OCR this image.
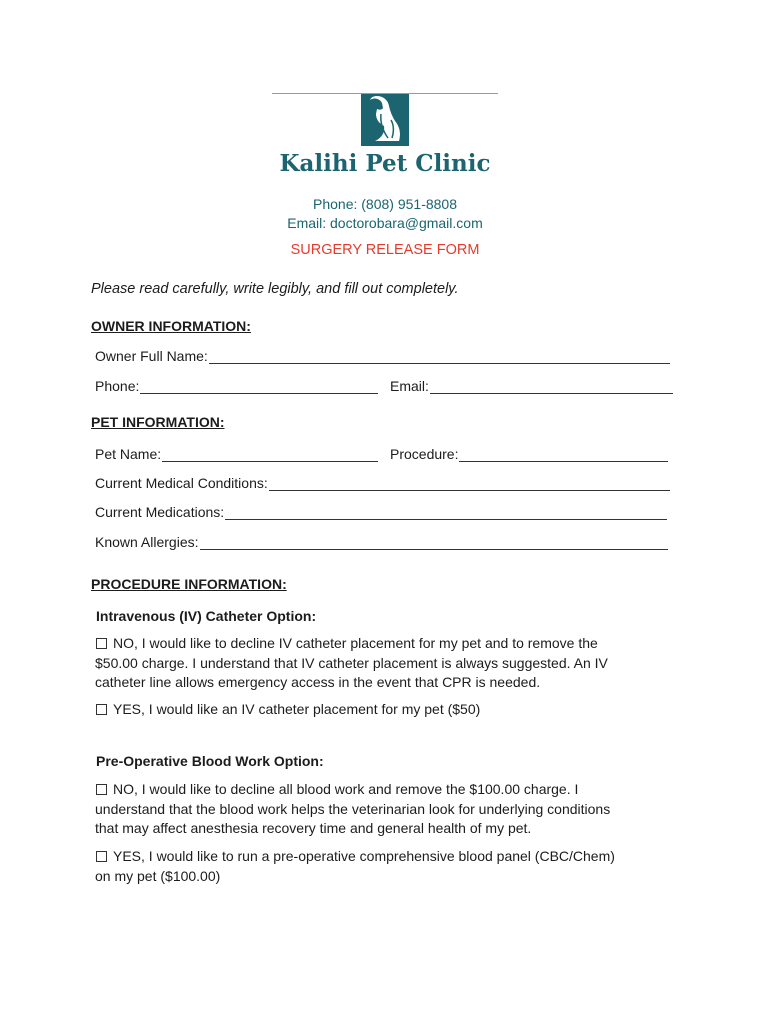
Kalihi Pet Clinic
Phone: (808) 951-8808
Email: doctorobara@gmail.com
SURGERY RELEASE FORM
Please read carefully, write legibly, and fill out completely.
OWNER INFORMATION:
Owner Full Name:
Phone:	Email:
PET INFORMATION:
Pet Name:	Procedure:
Current Medical Conditions:
Current Medications:
Known Allergies:
PROCEDURE INFORMATION:
Intravenous (IV) Catheter Option:
NO, I would like to decline IV catheter placement for my pet and to remove the
$50.00 charge. I understand that IV catheter placement is always suggested. An IV
catheter line allows emergency access in the event that CPR is needed.
YES, I would like an IV catheter placement for my pet ($50)
Pre-Operative Blood Work Option:
NO, I would like to decline all blood work and remove the $100.00 charge. I
understand that the blood work helps the veterinarian look for underlying conditions
that may affect anesthesia recovery time and general health of my pet.
YES, I would like to run a pre-operative comprehensive blood panel (CBC/Chem)
on my pet ($100.00)
